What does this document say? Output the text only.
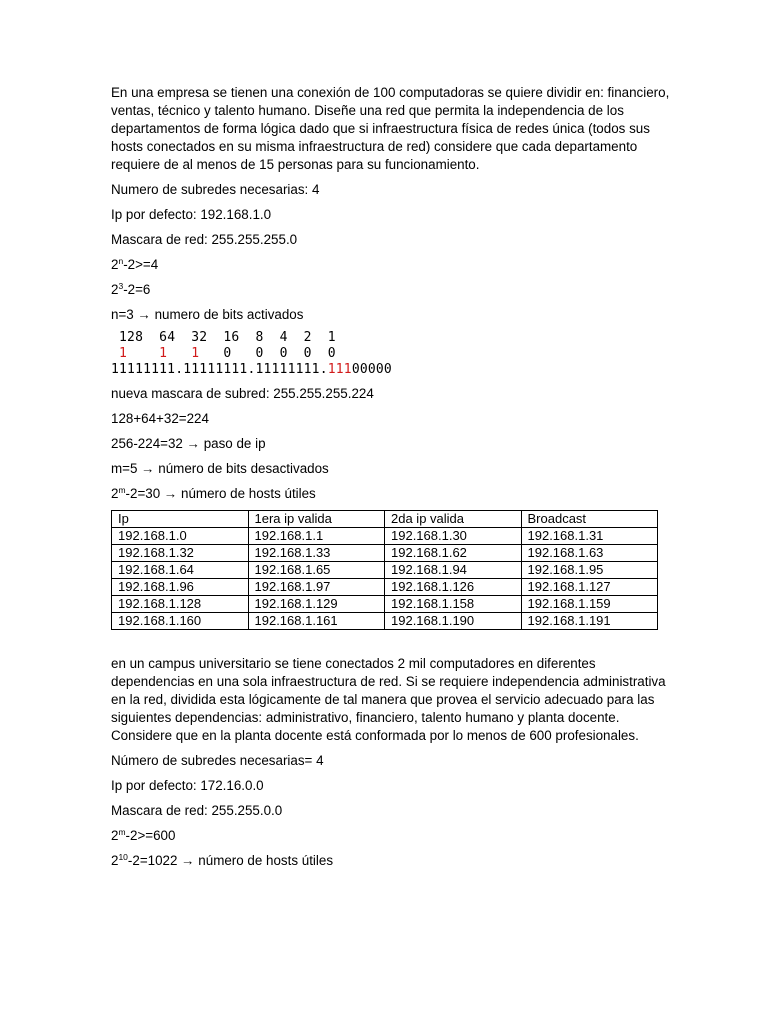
En una empresa se tienen una conexión de 100 computadoras se quiere dividir en: financiero, ventas, técnico y talento humano. Diseñe una red que permita la independencia de los departamentos de forma lógica dado que si infraestructura física de redes única (todos sus hosts conectados en su misma infraestructura de red) considere que cada departamento requiere de al menos de 15 personas para su funcionamiento.

Numero de subredes necesarias: 4

Ip por defecto: 192.168.1.0

Mascara de red: 255.255.255.0

$2^n-2>=4$

$2^3-2=6$

n=3 → numero de bits activados

128  64  32  16  8  4  2  1

1    1   1   0   0  0  0  0

11111111.11111111.11111111.11100000

nueva mascara de subred: 255.255.255.224

128+64+32=224

256-224=32 → paso de ip

m=5 → número de bits desactivados

$2^m-2=30$ → número de hosts útiles

Ip	1era ip valida	2da ip valida	Broadcast
192.168.1.0	192.168.1.1	192.168.1.30	192.168.1.31
192.168.1.32	192.168.1.33	192.168.1.62	192.168.1.63
192.168.1.64	192.168.1.65	192.168.1.94	192.168.1.95
192.168.1.96	192.168.1.97	192.168.1.126	192.168.1.127
192.168.1.128	192.168.1.129	192.168.1.158	192.168.1.159
192.168.1.160	192.168.1.161	192.168.1.190	192.168.1.191

en un campus universitario se tiene conectados 2 mil computadores en diferentes dependencias en una sola infraestructura de red. Si se requiere independencia administrativa en la red, dividida esta lógicamente de tal manera que provea el servicio adecuado para las siguientes dependencias: administrativo, financiero, talento humano y planta docente. Considere que en la planta docente está conformada por lo menos de 600 profesionales.

Número de subredes necesarias= 4

Ip por defecto: 172.16.0.0

Mascara de red: 255.255.0.0

$2^m-2>=600$

$2^{10}-2=1022$ → número de hosts útiles
